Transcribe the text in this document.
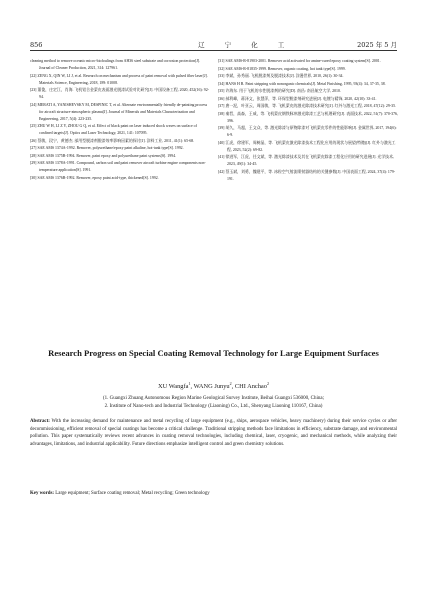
856	辽 宁 化 工	2025 年 5 月
cleaning method to remove oceanic micro-biofoulings from AH36 steel substrate and corrosion protection[J]. Journal of Cleaner Production, 2021, 314: 127961.
[22] ZENG X, QIN W, LI J, et al. Research on mechanism and process of paint removal with pulsed fiber laser[J]. Materials Science, Engineering, 2018, 189: 01008.
[23] 董俊，庄定江，肖海. 飞机铝合金蒙皮表面激光脱漆试验对比研究[J]. 中国设备工程, 2020, 452(16): 92-94.
[24] MERATI A, YANISHEVSKY M, DESPINIC T, et al. Alternate environmentally friendly de-painting process for aircraft structure-atmospheric plasma[J]. Journal of Minerals and Materials Characterization and Engineering, 2017, 5(4): 223-235.
[25] ZHU W H, LI Z Y, ZHOU G Q, et al. Effect of black paint on laser induced shock waves on surface of confined targets[J]. Optics and Laser Technology, 2021, 141: 107095.
[26] 蔡敏，段宁，黄德杰. 部用型脱漆剂脱漆效率影响因素的探讨[J]. 涂料工业, 2011, 41(1): 65-68.
[27] SAE AMS 1374A-1992. Remover, polyurethane/epoxy paint alkaline, hot-tank type[S]. 1992.
[28] SAE AMS 1375B-1994. Remover, paint epoxy and polyurethane paint systems[S]. 1994.
[29] SAE AMS 1378A-1991. Compound, carbon soil and paint remover aircraft turbine engine components non-temperature application[S]. 1991.
[30] SAE AMS 1376B-1992. Remover, epoxy paint acid-type, thickened[S]. 1992.
[31] SAE AMS-R-81903-2001. Remover acid activated for amine-cured epoxy coating system[S]. 2001.
[32] SAE AMS-R-81835-1999. Remover, organic coating, hot tank type[S]. 1999.
[33] 李斌，孙秀丽. 飞机脱漆剂及脱漆技术[J]. 涂漫世界, 2010, 26(1): 30-34.
[34] HANS H B. Paint stripping with nonorganic chemicals[J]. Metal Finishing, 1995, 93(4): 34, 37-35, 38.
[35] 许海东. 用于飞机的水性脱漆剂的研究[D]. 南昌: 南昌航空大学, 2010.
[36] 郝利峰，蒋泽文，张慧萍，等. 环保型脱漆剂研究进展[J]. 电镀与精饰, 2020, 42(10): 33-41.
[37] 唐一泥，叶亚云，周国敏，等. 飞机蒙皮的激光除漆技术研究[J]. 红外与激光工程, 2018, 47(12): 29-35.
[38] 秦哲，高森，王威，等. 飞机蒙皮钢铁脉冲激光除漆工艺与机理研究[J]. 表面技术, 2022, 51(7): 370-376, 396.
[39] 胡久，马超，王文众，等. 激光除漆与原物除漆对飞机蒙皮零件的性能影响[J]. 金属世界, 2017, 194(6): 6-9.
[40] 江虎，徐建军，周树晶，等. 飞机蒙皮激光除漆技术工程化应用的现状与展望(特邀)[J]. 红外与激光工程, 2023, 52(2): 69-82.
[41] 徐进军，江虎，任文斌，等. 激光除漆技术及其在飞机蒙皮除漆工程化应用的研究进展[J]. 光学技术, 2023, 49(1): 34-45.
[42] 蔡玉斌，刘勇，魏建平，等. 冰粒空气射流喷射器结构的关键参数[J]. 中国表面工程, 2024, 37(4): 179-191.
Research Progress on Special Coating Removal Technology for Large Equipment Surfaces
XU Wangfa$^1$, WANG Junyu$^2$, CHI Anchao$^2$
(1. Guangxi Zhuang Autonomous Region Marine Geological Survey Institute, Beihai Guangxi 536000, China;
2. Institute of Nano-tech and Industrial Technology (Liaoning) Co., Ltd., Shenyang Liaoning 110167, China)
Abstract: With the increasing demand for maintenance and metal recycling of large equipment (e.g., ships, aerospace vehicles, heavy machinery) during their service cycles or after decommissioning, efficient removal of special coatings has become a critical challenge. Traditional stripping methods face limitations in efficiency, substrate damage, and environmental pollution. This paper systematically reviews recent advances in coating removal technologies, including chemical, laser, cryogenic, and mechanical methods, while analyzing their advantages, limitations, and industrial applicability. Future directions emphasize intelligent control and green chemistry solutions.
Key words: Large equipment; Surface coating removal; Metal recycling; Green technology
